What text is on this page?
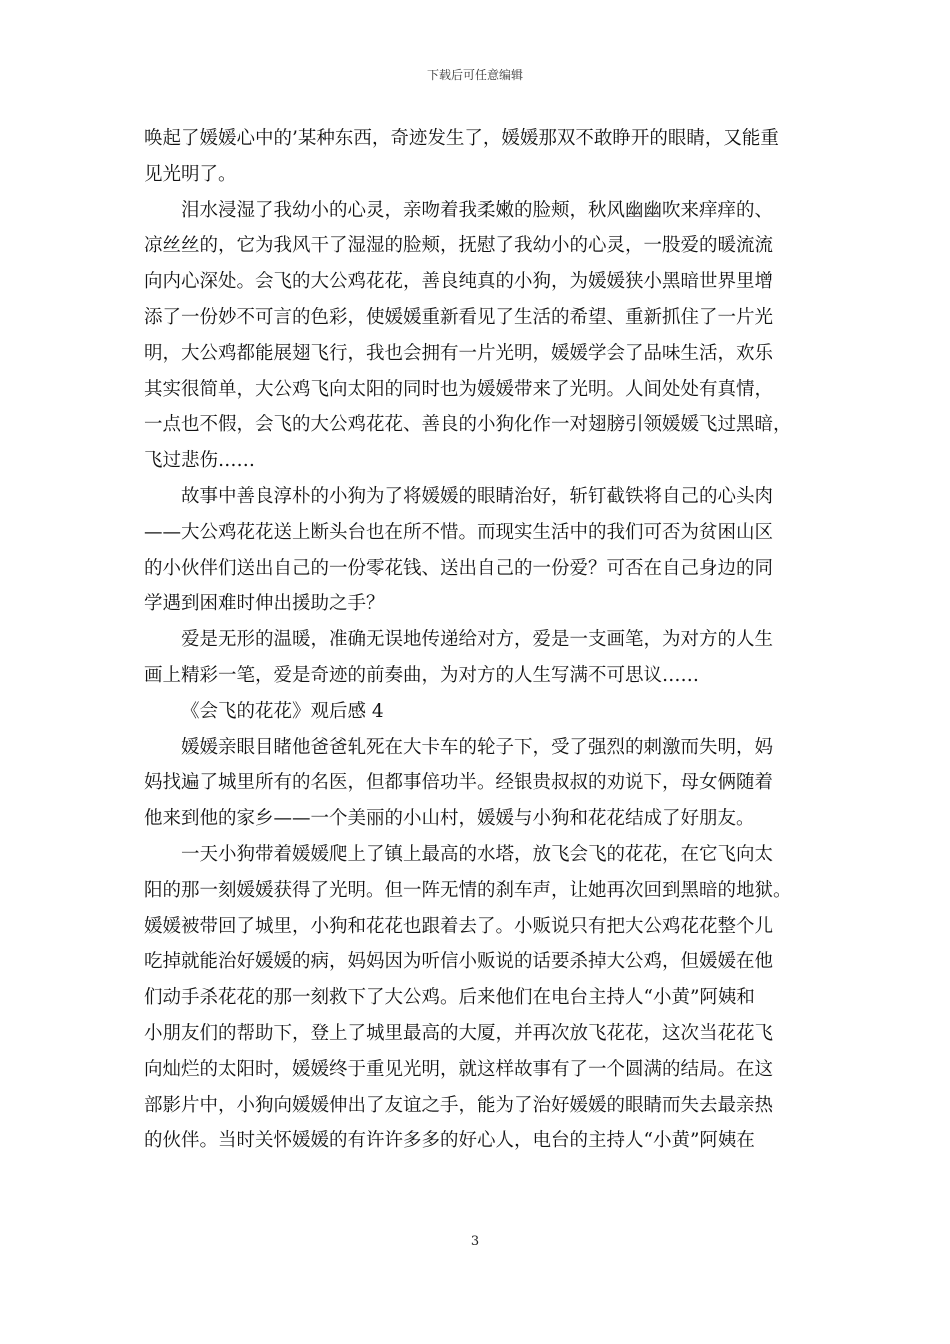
下载后可任意编辑
唤起了媛媛心中的’某种东西，奇迹发生了，媛媛那双不敢睁开的眼睛，又能重
见光明了。
泪水浸湿了我幼小的心灵，亲吻着我柔嫩的脸颊，秋风幽幽吹来痒痒的、
凉丝丝的，它为我风干了湿湿的脸颊，抚慰了我幼小的心灵，一股爱的暖流流
向内心深处。会飞的大公鸡花花，善良纯真的小狗，为媛媛狭小黑暗世界里增
添了一份妙不可言的色彩，使媛媛重新看见了生活的希望、重新抓住了一片光
明，大公鸡都能展翅飞行，我也会拥有一片光明，媛媛学会了品味生活，欢乐
其实很简单，大公鸡飞向太阳的同时也为媛媛带来了光明。人间处处有真情，
一点也不假，会飞的大公鸡花花、善良的小狗化作一对翅膀引领媛媛飞过黑暗，
飞过悲伤……
故事中善良淳朴的小狗为了将媛媛的眼睛治好，斩钉截铁将自己的心头肉
——大公鸡花花送上断头台也在所不惜。而现实生活中的我们可否为贫困山区
的小伙伴们送出自己的一份零花钱、送出自己的一份爱？可否在自己身边的同
学遇到困难时伸出援助之手？
爱是无形的温暖，准确无误地传递给对方，爱是一支画笔，为对方的人生
画上精彩一笔，爱是奇迹的前奏曲，为对方的人生写满不可思议……
《会飞的花花》观后感 4
媛媛亲眼目睹他爸爸轧死在大卡车的轮子下，受了强烈的刺激而失明，妈
妈找遍了城里所有的名医，但都事倍功半。经银贵叔叔的劝说下，母女俩随着
他来到他的家乡——一个美丽的小山村，媛媛与小狗和花花结成了好朋友。
一天小狗带着媛媛爬上了镇上最高的水塔，放飞会飞的花花，在它飞向太
阳的那一刻媛媛获得了光明。但一阵无情的刹车声，让她再次回到黑暗的地狱。
媛媛被带回了城里，小狗和花花也跟着去了。小贩说只有把大公鸡花花整个儿
吃掉就能治好媛媛的病，妈妈因为听信小贩说的话要杀掉大公鸡，但媛媛在他
们动手杀花花的那一刻救下了大公鸡。后来他们在电台主持人“小黄”阿姨和
小朋友们的帮助下，登上了城里最高的大厦，并再次放飞花花，这次当花花飞
向灿烂的太阳时，媛媛终于重见光明，就这样故事有了一个圆满的结局。在这
部影片中，小狗向媛媛伸出了友谊之手，能为了治好媛媛的眼睛而失去最亲热
的伙伴。当时关怀媛媛的有许许多多的好心人，电台的主持人“小黄”阿姨在
3
